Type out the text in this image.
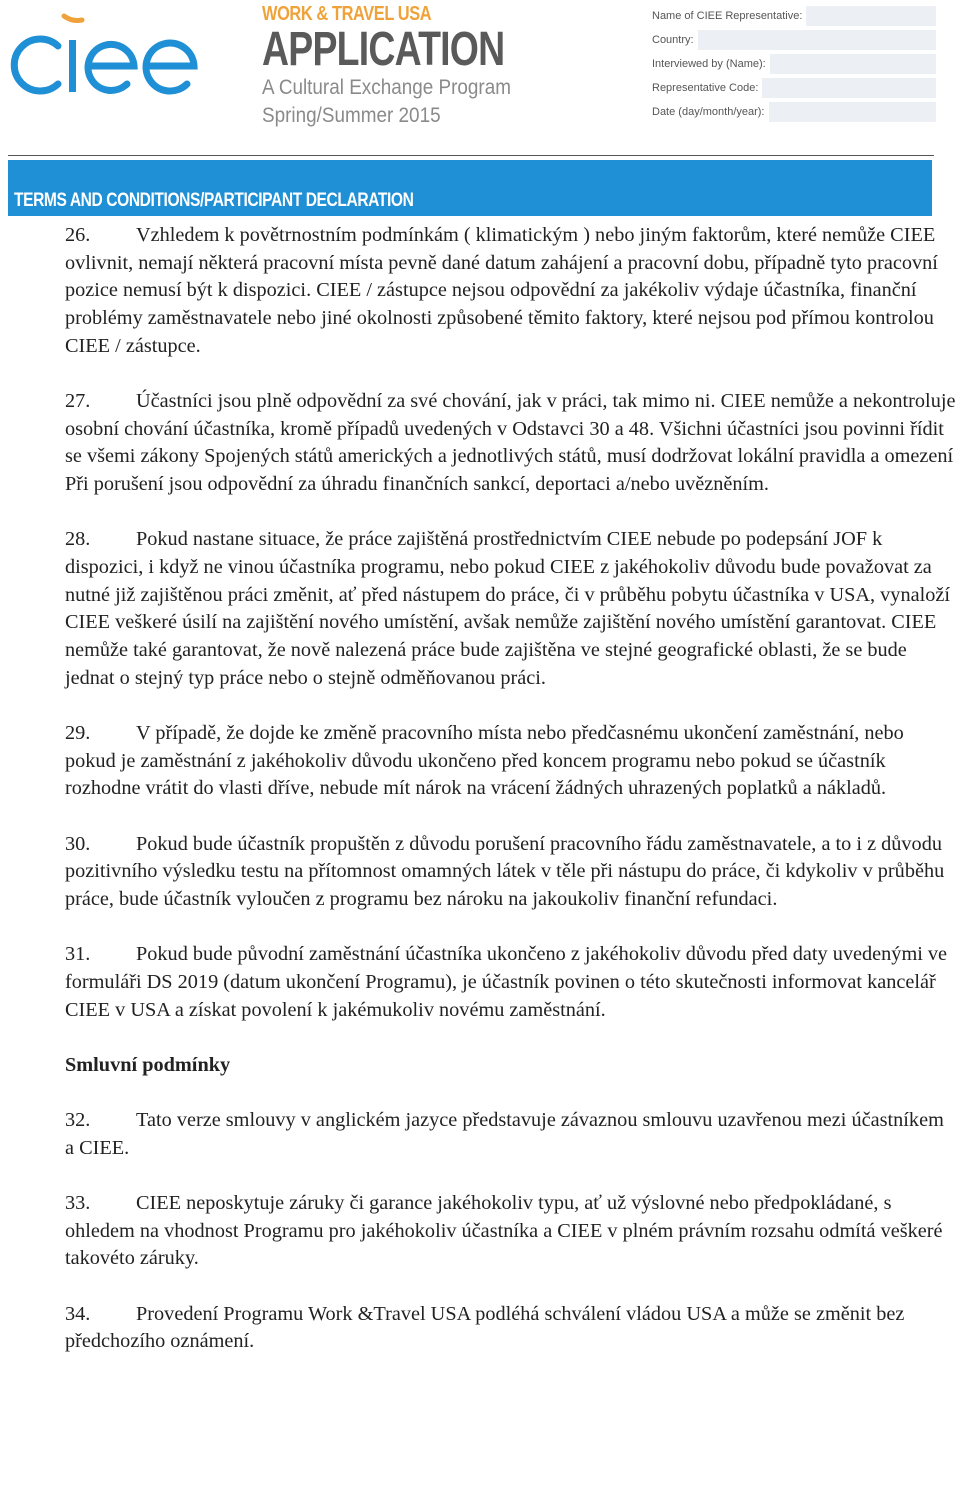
WORK & TRAVEL USA
APPLICATION
A Cultural Exchange Program
Spring/Summer 2015
Name of CIEE Representative:
Country:
Interviewed by (Name):
Representative Code:
Date (day/month/year):
TERMS AND CONDITIONS/PARTICIPANT DECLARATION

26. Vzhledem k povětrnostním podmínkám ( klimatickým ) nebo jiným faktorům, které nemůže CIEE ovlivnit, nemají některá pracovní místa pevně dané datum zahájení a pracovní dobu, případně tyto pracovní pozice nemusí být k dispozici. CIEE / zástupce nejsou odpovědní za jakékoliv výdaje účastníka, finanční problémy zaměstnavatele nebo jiné okolnosti způsobené těmito faktory, které nejsou pod přímou kontrolou CIEE / zástupce.

27. Účastníci jsou plně odpovědní za své chování, jak v práci, tak mimo ni. CIEE nemůže a nekontroluje osobní chování účastníka, kromě případů uvedených v Odstavci 30 a 48. Všichni účastníci jsou povinni řídit se všemi zákony Spojených států amerických a jednotlivých států, musí dodržovat lokální pravidla a omezení Při porušení jsou odpovědní za úhradu finančních sankcí, deportaci a/nebo uvězněním.

28. Pokud nastane situace, že práce zajištěná prostřednictvím CIEE nebude po podepsání JOF k dispozici, i když ne vinou účastníka programu, nebo pokud CIEE z jakéhokoliv důvodu bude považovat za nutné již zajištěnou práci změnit, ať před nástupem do práce, či v průběhu pobytu účastníka v USA, vynaloží CIEE veškeré úsilí na zajištění nového umístění, avšak nemůže zajištění nového umístění garantovat. CIEE nemůže také garantovat, že nově nalezená práce bude zajištěna ve stejné geografické oblasti, že se bude jednat o stejný typ práce nebo o stejně odměňovanou práci.

29. V případě, že dojde ke změně pracovního místa nebo předčasnému ukončení zaměstnání, nebo pokud je zaměstnání z jakéhokoliv důvodu ukončeno před koncem programu nebo pokud se účastník rozhodne vrátit do vlasti dříve, nebude mít nárok na vrácení žádných uhrazených poplatků a nákladů.

30. Pokud bude účastník propuštěn z důvodu porušení pracovního řádu zaměstnavatele, a to i z důvodu pozitivního výsledku testu na přítomnost omamných látek v těle při nástupu do práce, či kdykoliv v průběhu práce, bude účastník vyloučen z programu bez nároku na jakoukoliv finanční refundaci.

31. Pokud bude původní zaměstnání účastníka ukončeno z jakéhokoliv důvodu před daty uvedenými ve formuláři DS 2019 (datum ukončení Programu), je účastník povinen o této skutečnosti informovat kancelář CIEE v USA a získat povolení k jakémukoliv novému zaměstnání.

Smluvní podmínky

32. Tato verze smlouvy v anglickém jazyce představuje závaznou smlouvu uzavřenou mezi účastníkem a CIEE.

33. CIEE neposkytuje záruky či garance jakéhokoliv typu, ať už výslovné nebo předpokládané, s ohledem na vhodnost Programu pro jakéhokoliv účastníka a CIEE v plném právním rozsahu odmítá veškeré takovéto záruky.

34. Provedení Programu Work &Travel USA podléhá schválení vládou USA a může se změnit bez předchozího oznámení.
